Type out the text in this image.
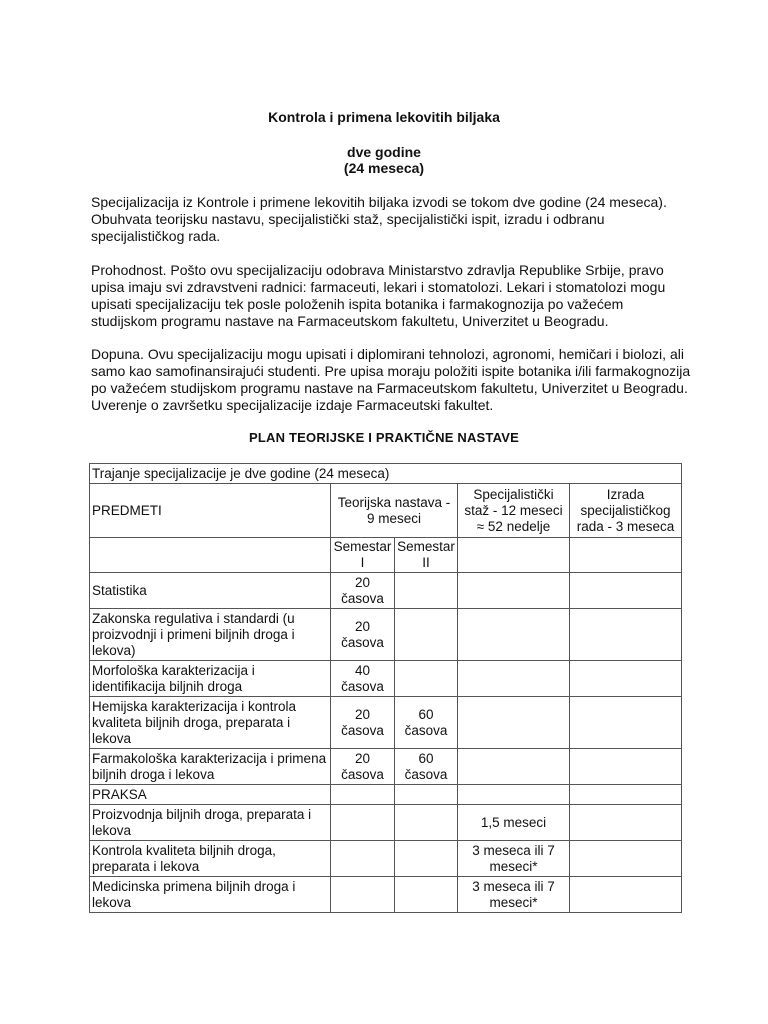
Kontrola i primena lekovitih biljaka
dve godine
(24 meseca)

Specijalizacija iz Kontrole i primene lekovitih biljaka izvodi se tokom dve godine (24 meseca). Obuhvata teorijsku nastavu, specijalistički staž, specijalistički ispit, izradu i odbranu specijalističkog rada.

Prohodnost. Pošto ovu specijalizaciju odobrava Ministarstvo zdravlja Republike Srbije, pravo upisa imaju svi zdravstveni radnici: farmaceuti, lekari i stomatolozi. Lekari i stomatolozi mogu upisati specijalizaciju tek posle položenih ispita botanika i farmakognozija po važećem studijskom programu nastave na Farmaceutskom fakultetu, Univerzitet u Beogradu.

Dopuna. Ovu specijalizaciju mogu upisati i diplomirani tehnolozi, agronomi, hemičari i biolozi, ali samo kao samofinansirajući studenti. Pre upisa moraju položiti ispite botanika i/ili farmakognozija po važećem studijskom programu nastave na Farmaceutskom fakultetu, Univerzitet u Beogradu. Uverenje o završetku specijalizacije izdaje Farmaceutski fakultet.

PLAN TEORIJSKE I PRAKTIČNE NASTAVE
Trajanje specijalizacije je dve godine (24 meseca)				
PREDMETI	Teorijska nastava - 9 meseci		Specijalistički staž - 12 meseci ≈ 52 nedelje	Izrada specijalističkog rada - 3 meseca
	Semestar I	Semestar II		
Statistika	20 časova			
Zakonska regulativa i standardi (u proizvodnji i primeni biljnih droga i lekova)	20 časova			
Morfološka karakterizacija i identifikacija biljnih droga	40 časova			
Hemijska karakterizacija i kontrola kvaliteta biljnih droga, preparata i lekova	20 časova	60 časova		
Farmakološka karakterizacija i primena biljnih droga i lekova	20 časova	60 časova		
PRAKSA				
Proizvodnja biljnih droga, preparata i lekova			1,5 meseci	
Kontrola kvaliteta biljnih droga, preparata i lekova			3 meseca ili 7 meseci*	
Medicinska primena biljnih droga i lekova			3 meseca ili 7 meseci*	
